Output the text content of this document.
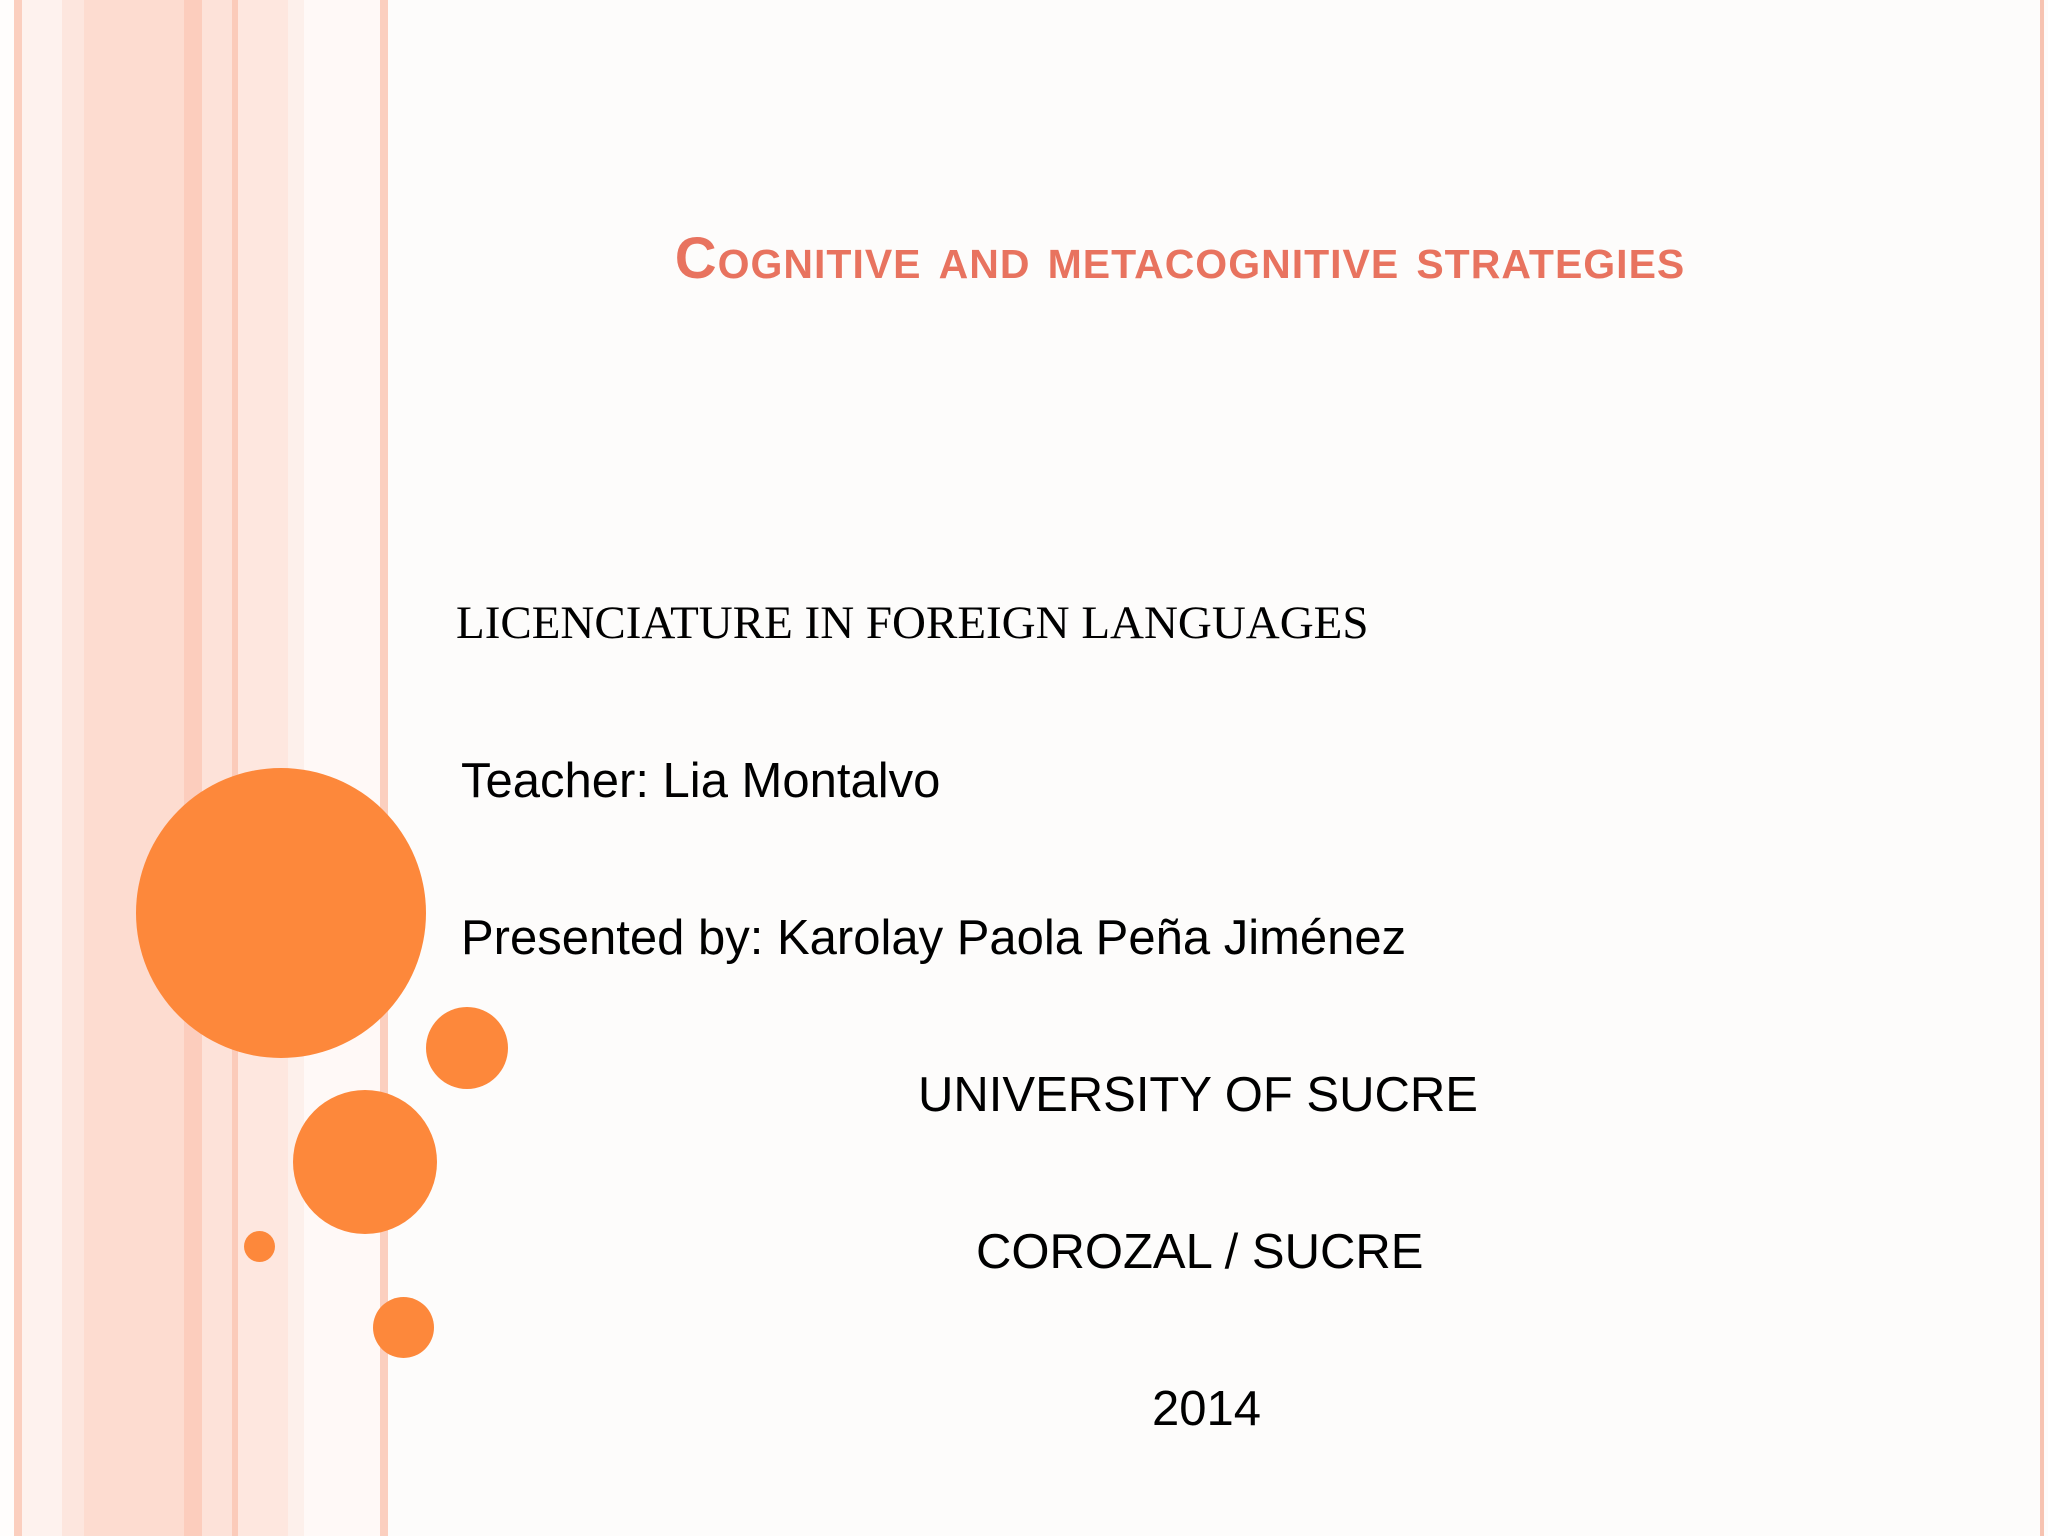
Cognitive and metacognitive strategies
LICENCIATURE IN FOREIGN LANGUAGES
Teacher: Lia Montalvo
Presented by: Karolay Paola Peña Jiménez
UNIVERSITY OF SUCRE
COROZAL / SUCRE
2014
